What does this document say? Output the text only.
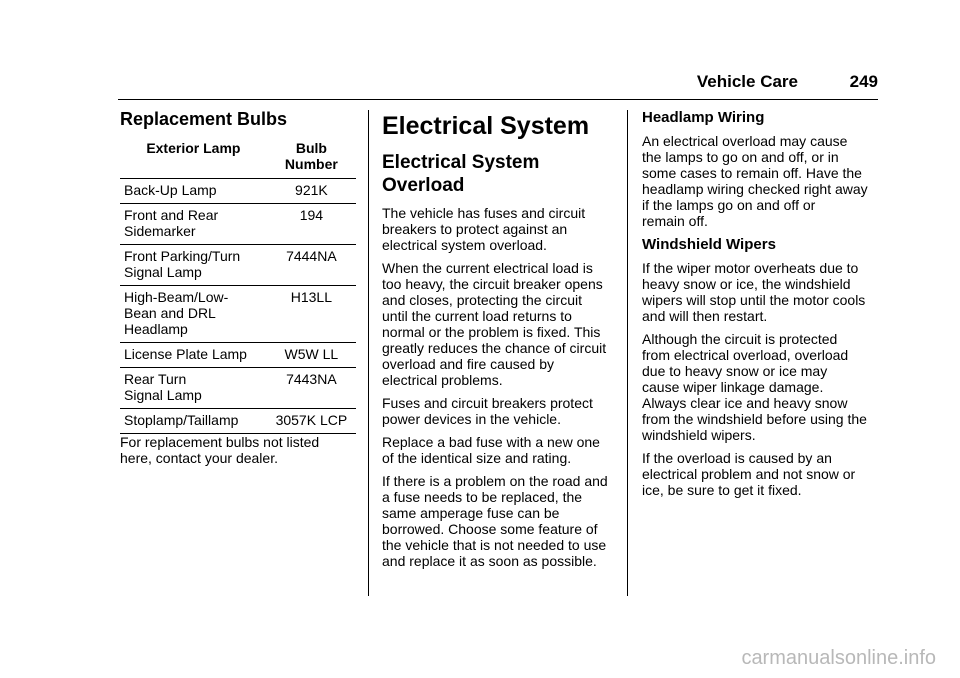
Vehicle Care	249
Replacement Bulbs
Exterior Lamp	Bulb
Number
Back-Up Lamp	921K
Front and Rear
Sidemarker	194
Front Parking/Turn
Signal Lamp	7444NA
High-Beam/Low-
Bean and DRL
Headlamp	H13LL
License Plate Lamp	W5W LL
Rear Turn
Signal Lamp	7443NA
Stoplamp/Taillamp	3057K LCP

For replacement bulbs not listed
here, contact your dealer.

Electrical System
Electrical System
Overload

The vehicle has fuses and circuit
breakers to protect against an
electrical system overload.

When the current electrical load is
too heavy, the circuit breaker opens
and closes, protecting the circuit
until the current load returns to
normal or the problem is fixed. This
greatly reduces the chance of circuit
overload and fire caused by
electrical problems.

Fuses and circuit breakers protect
power devices in the vehicle.

Replace a bad fuse with a new one
of the identical size and rating.

If there is a problem on the road and
a fuse needs to be replaced, the
same amperage fuse can be
borrowed. Choose some feature of
the vehicle that is not needed to use
and replace it as soon as possible.

Headlamp Wiring

An electrical overload may cause
the lamps to go on and off, or in
some cases to remain off. Have the
headlamp wiring checked right away
if the lamps go on and off or
remain off.

Windshield Wipers

If the wiper motor overheats due to
heavy snow or ice, the windshield
wipers will stop until the motor cools
and will then restart.

Although the circuit is protected
from electrical overload, overload
due to heavy snow or ice may
cause wiper linkage damage.
Always clear ice and heavy snow
from the windshield before using the
windshield wipers.

If the overload is caused by an
electrical problem and not snow or
ice, be sure to get it fixed.

carmanualsonline.info
